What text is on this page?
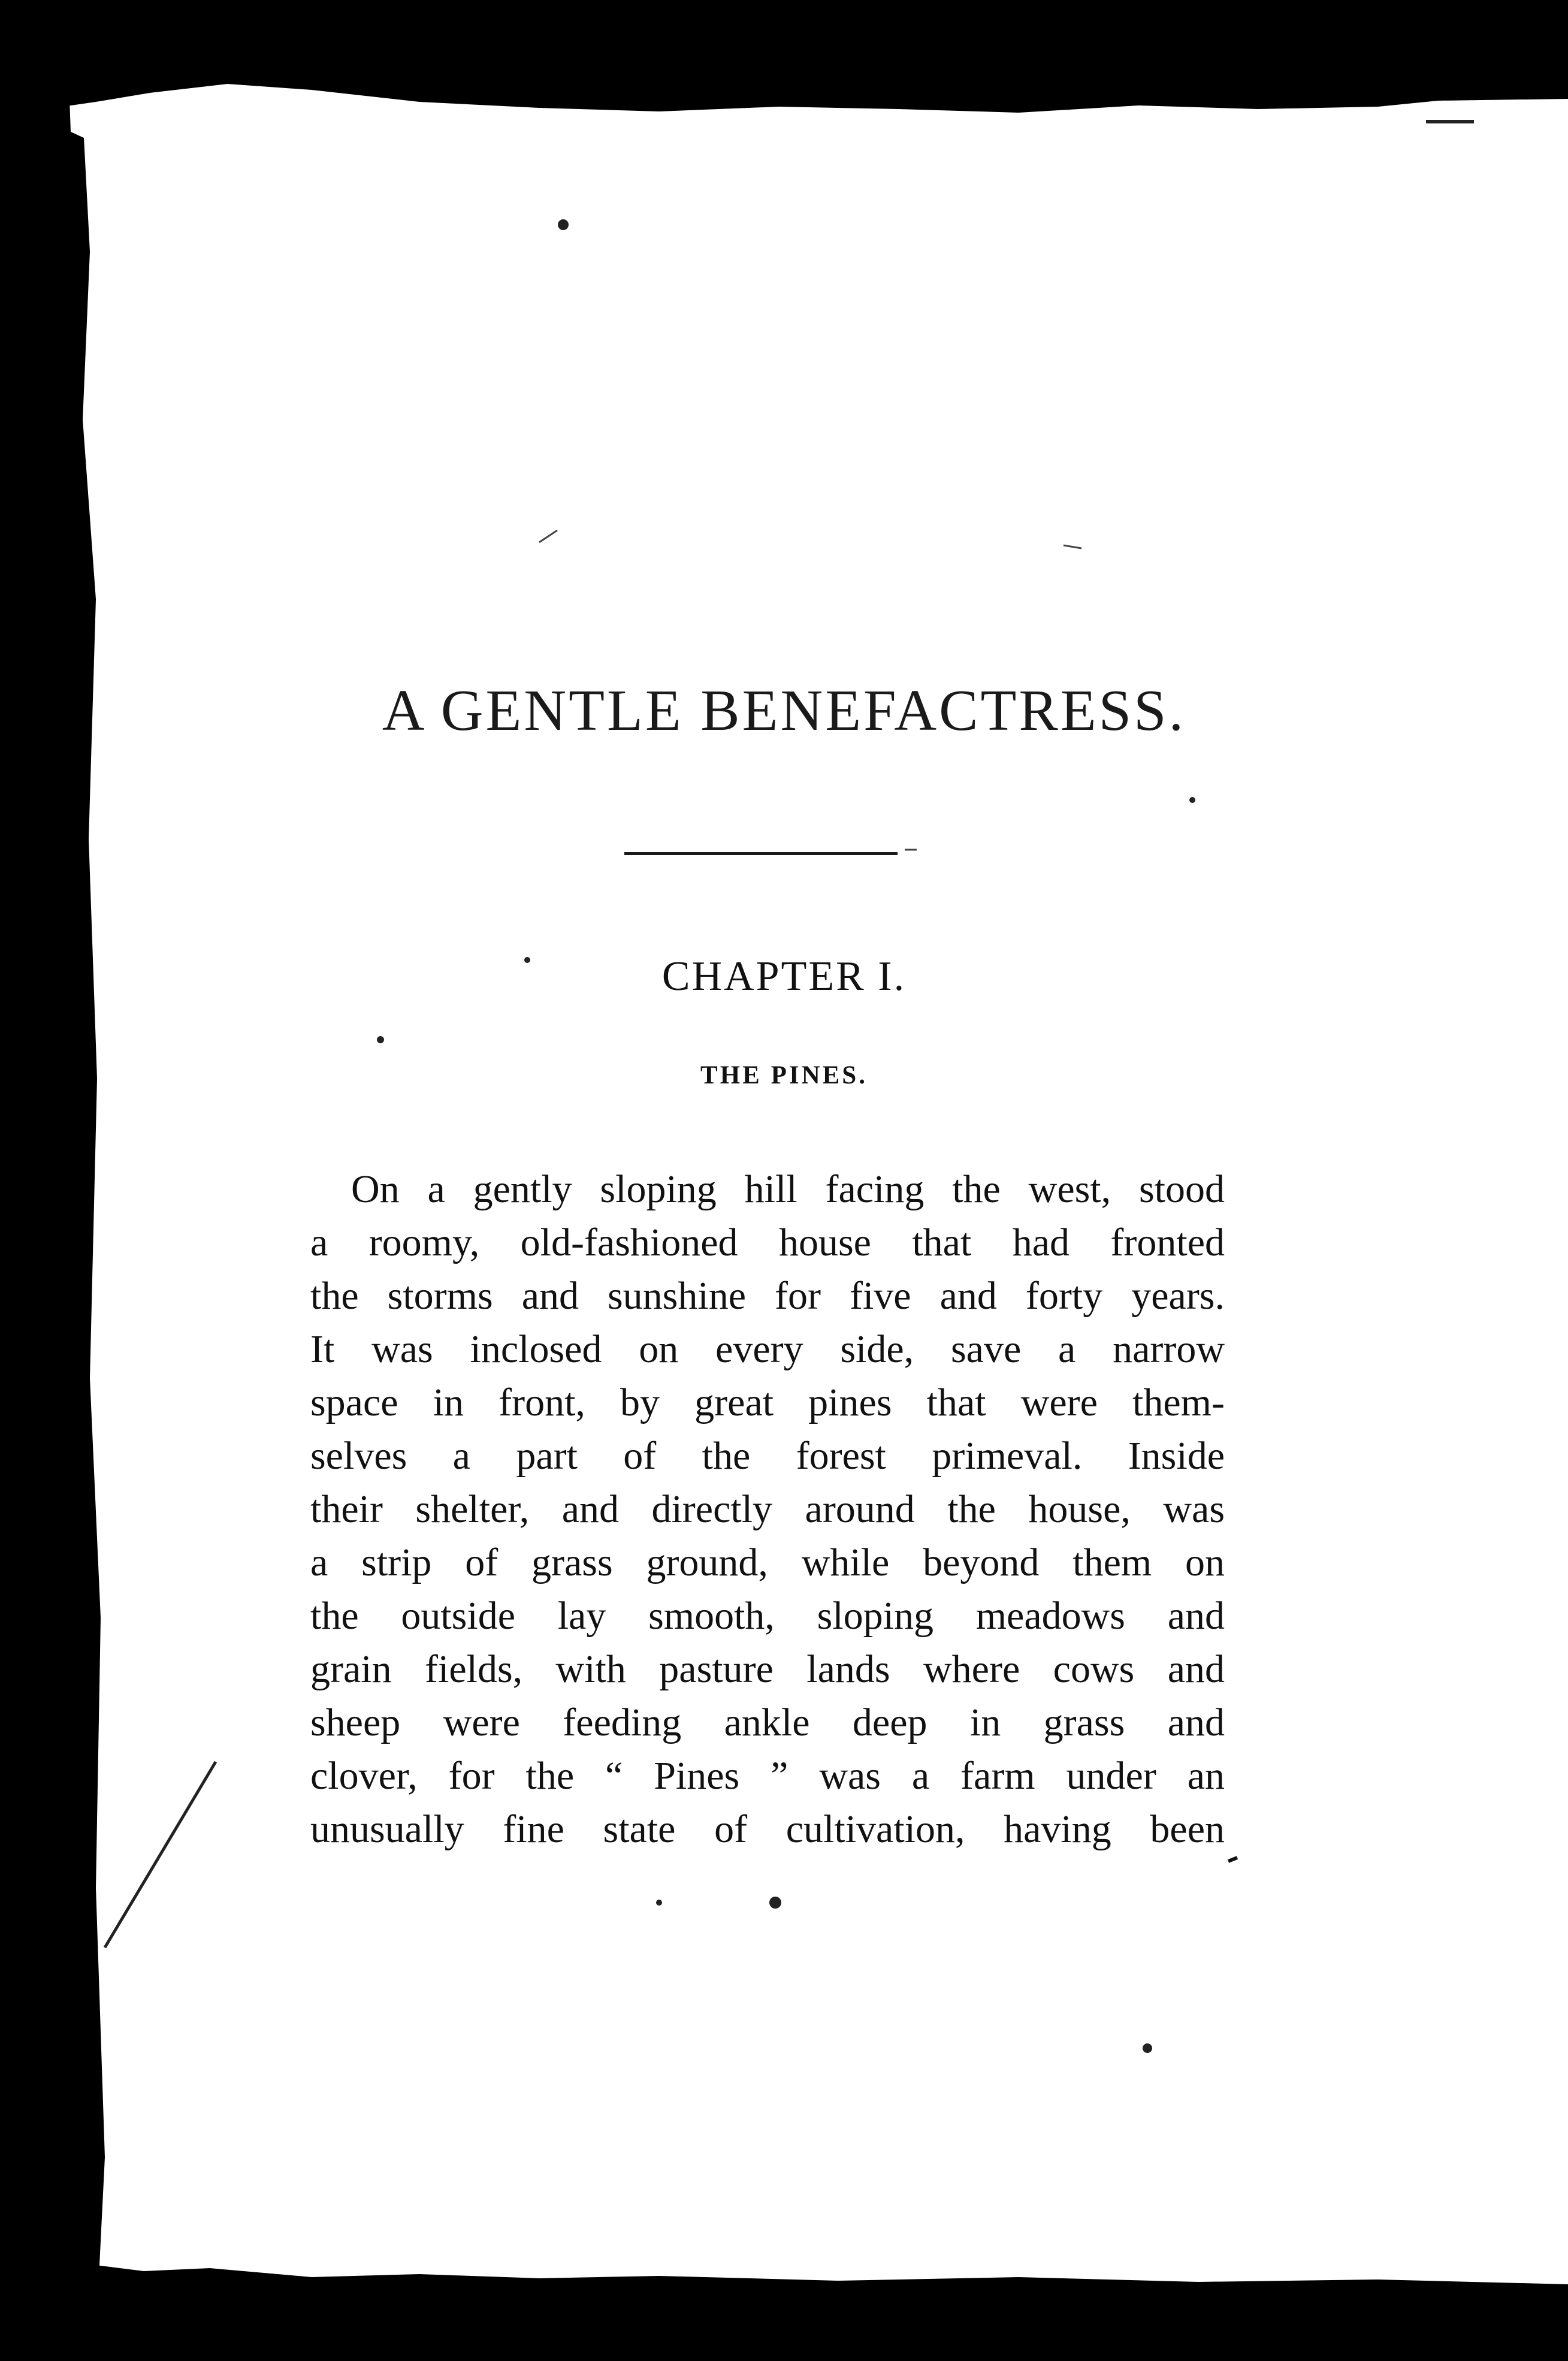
A GENTLE BENEFACTRESS.
CHAPTER I.
THE PINES.
On a gently sloping hill facing the west, stood
a roomy, old-fashioned house that had fronted
the storms and sunshine for five and forty years.
It was inclosed on every side, save a narrow
space in front, by great pines that were them-
selves a part of the forest primeval. Inside
their shelter, and directly around the house, was
a strip of grass ground, while beyond them on
the outside lay smooth, sloping meadows and
grain fields, with pasture lands where cows and
sheep were feeding ankle deep in grass and
clover, for the “ Pines ” was a farm under an
unusually fine state of cultivation, having been
